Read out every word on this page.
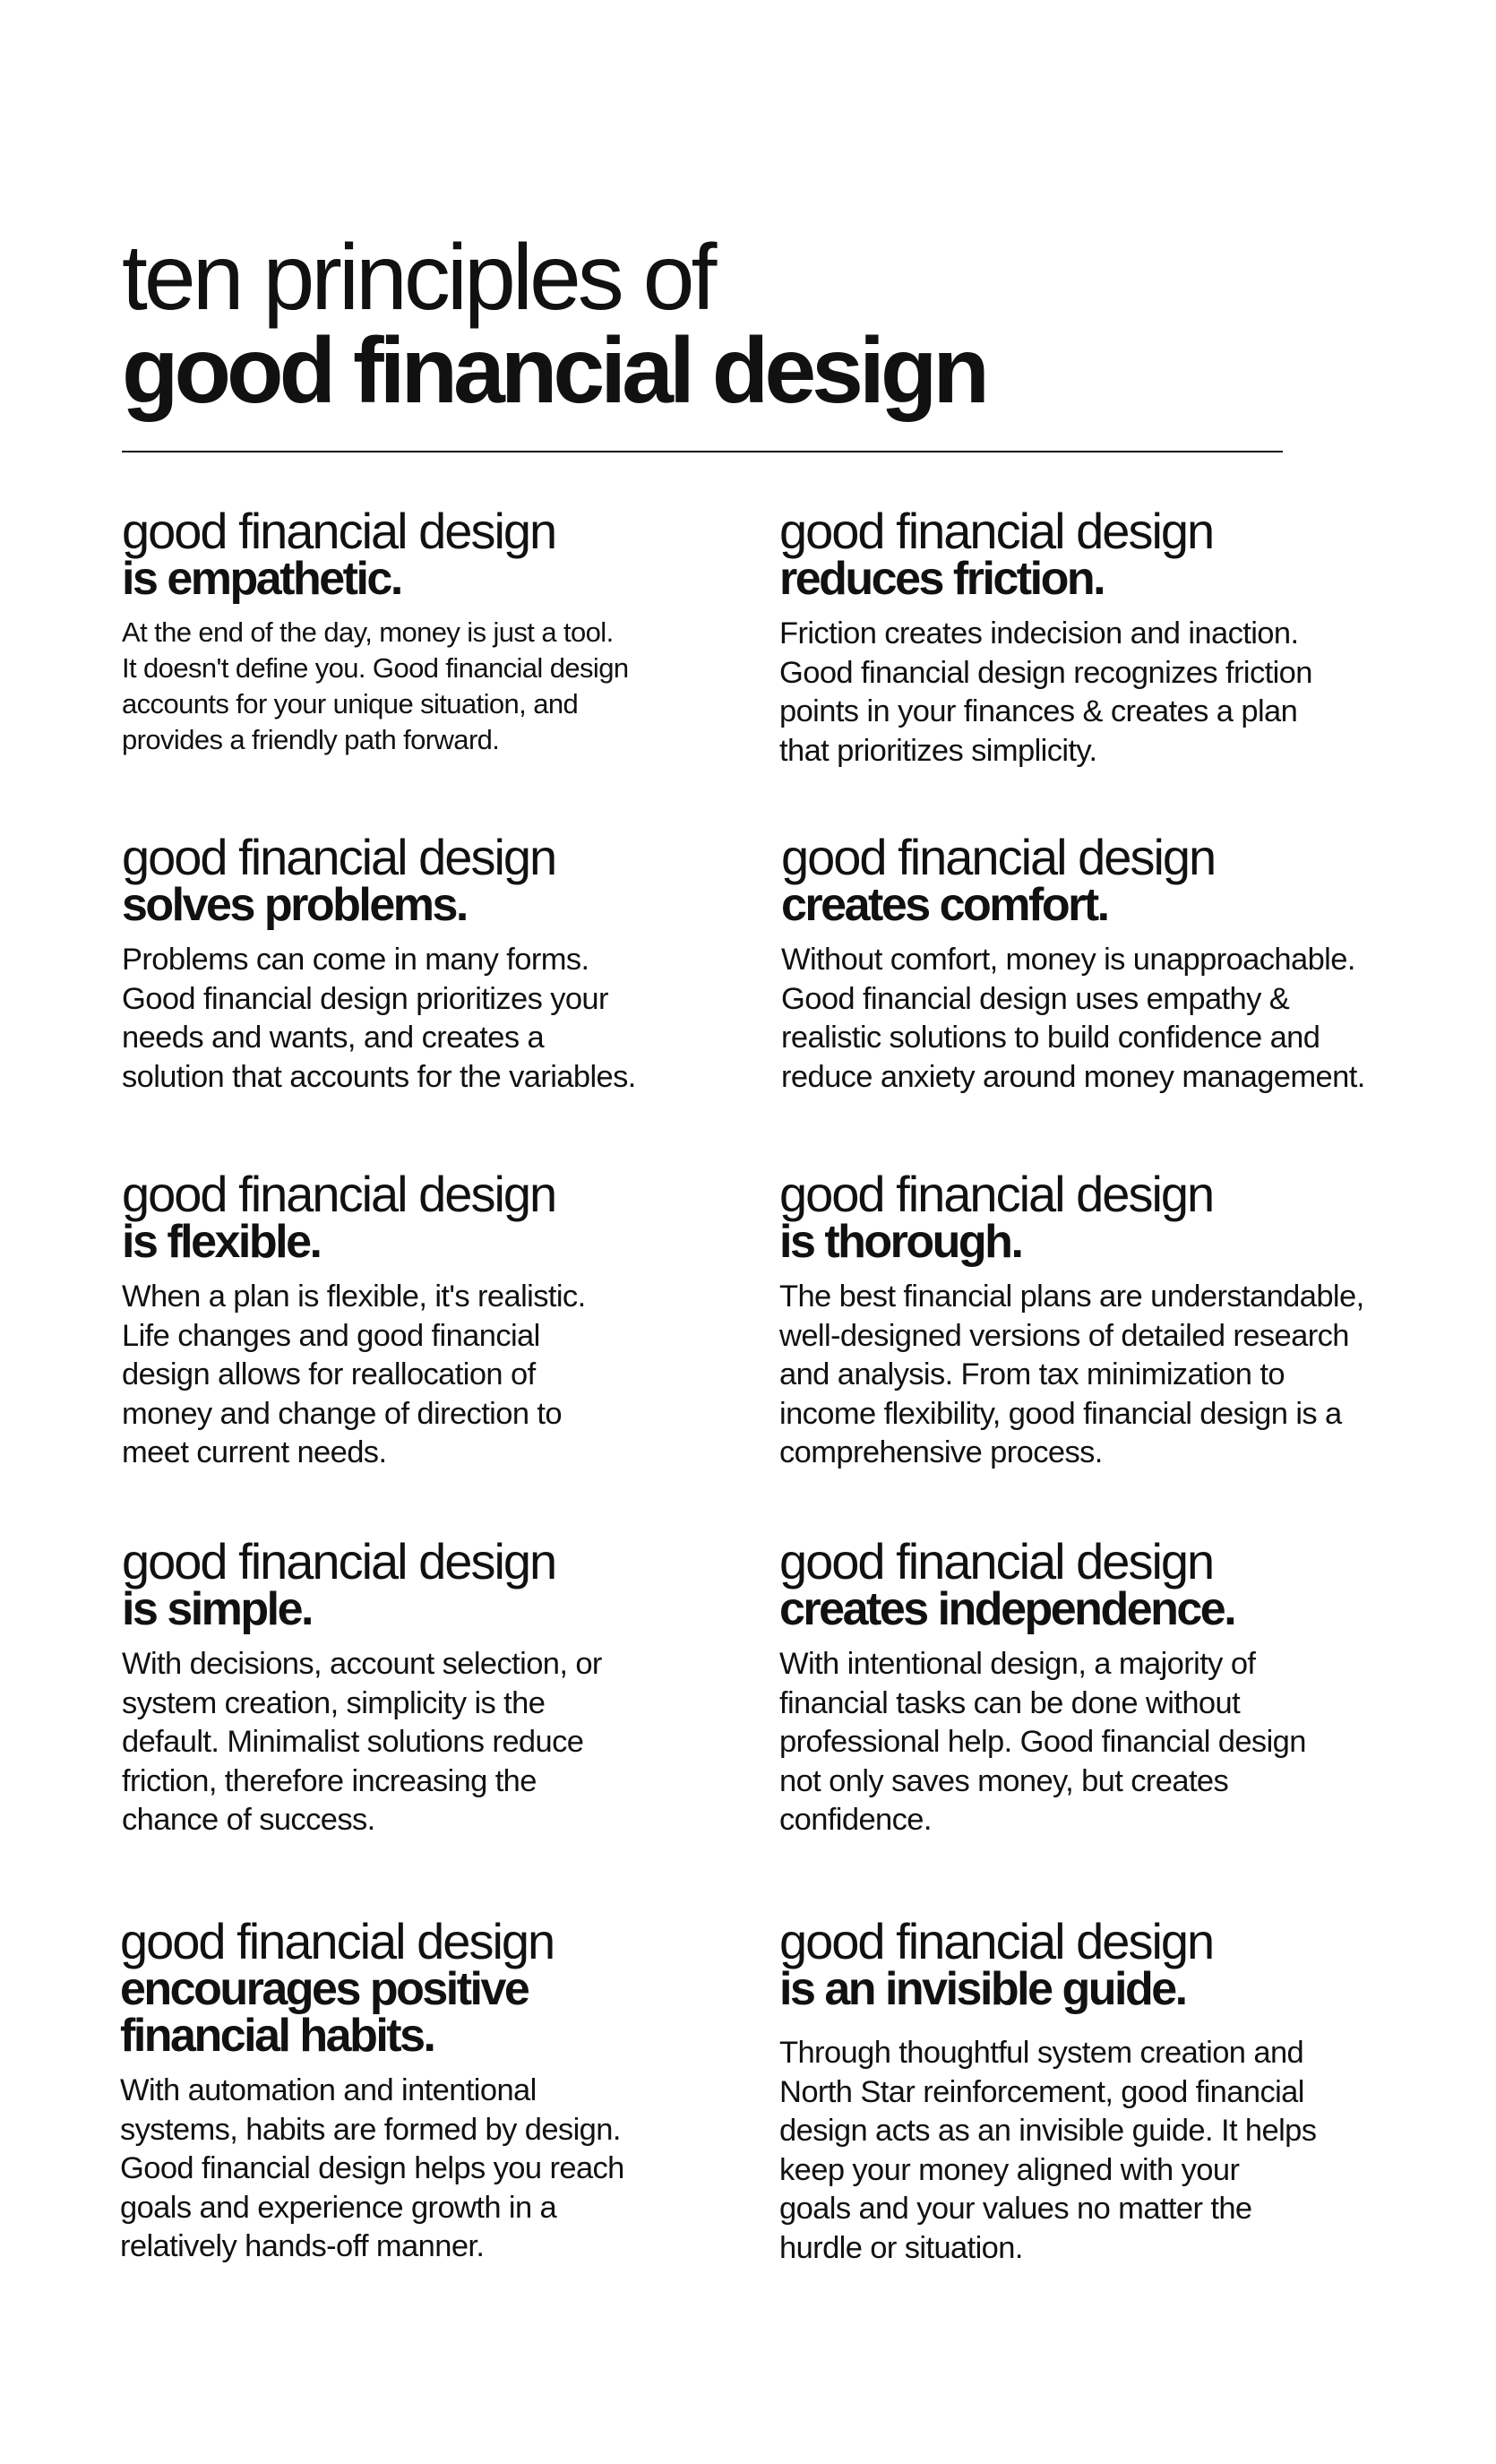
ten principles of
good financial design
good financial design
is empathetic.

At the end of the day, money is just a tool.
It doesn't define you. Good financial design
accounts for your unique situation, and
provides a friendly path forward.

good financial design
reduces friction.

Friction creates indecision and inaction.
Good financial design recognizes friction
points in your finances & creates a plan
that prioritizes simplicity.

good financial design
solves problems.

Problems can come in many forms.
Good financial design prioritizes your
needs and wants, and creates a
solution that accounts for the variables.

good financial design
creates comfort.

Without comfort, money is unapproachable.
Good financial design uses empathy &
realistic solutions to build confidence and
reduce anxiety around money management.

good financial design
is flexible.

When a plan is flexible, it's realistic.
Life changes and good financial
design allows for reallocation of
money and change of direction to
meet current needs.

good financial design
is thorough.

The best financial plans are understandable,
well-designed versions of detailed research
and analysis. From tax minimization to
income flexibility, good financial design is a
comprehensive process.

good financial design
is simple.

With decisions, account selection, or
system creation, simplicity is the
default. Minimalist solutions reduce
friction, therefore increasing the
chance of success.

good financial design
creates independence.

With intentional design, a majority of
financial tasks can be done without
professional help. Good financial design
not only saves money, but creates
confidence.

good financial design
encourages positive
financial habits.

With automation and intentional
systems, habits are formed by design.
Good financial design helps you reach
goals and experience growth in a
relatively hands-off manner.

good financial design
is an invisible guide.

Through thoughtful system creation and
North Star reinforcement, good financial
design acts as an invisible guide. It helps
keep your money aligned with your
goals and your values no matter the
hurdle or situation.
